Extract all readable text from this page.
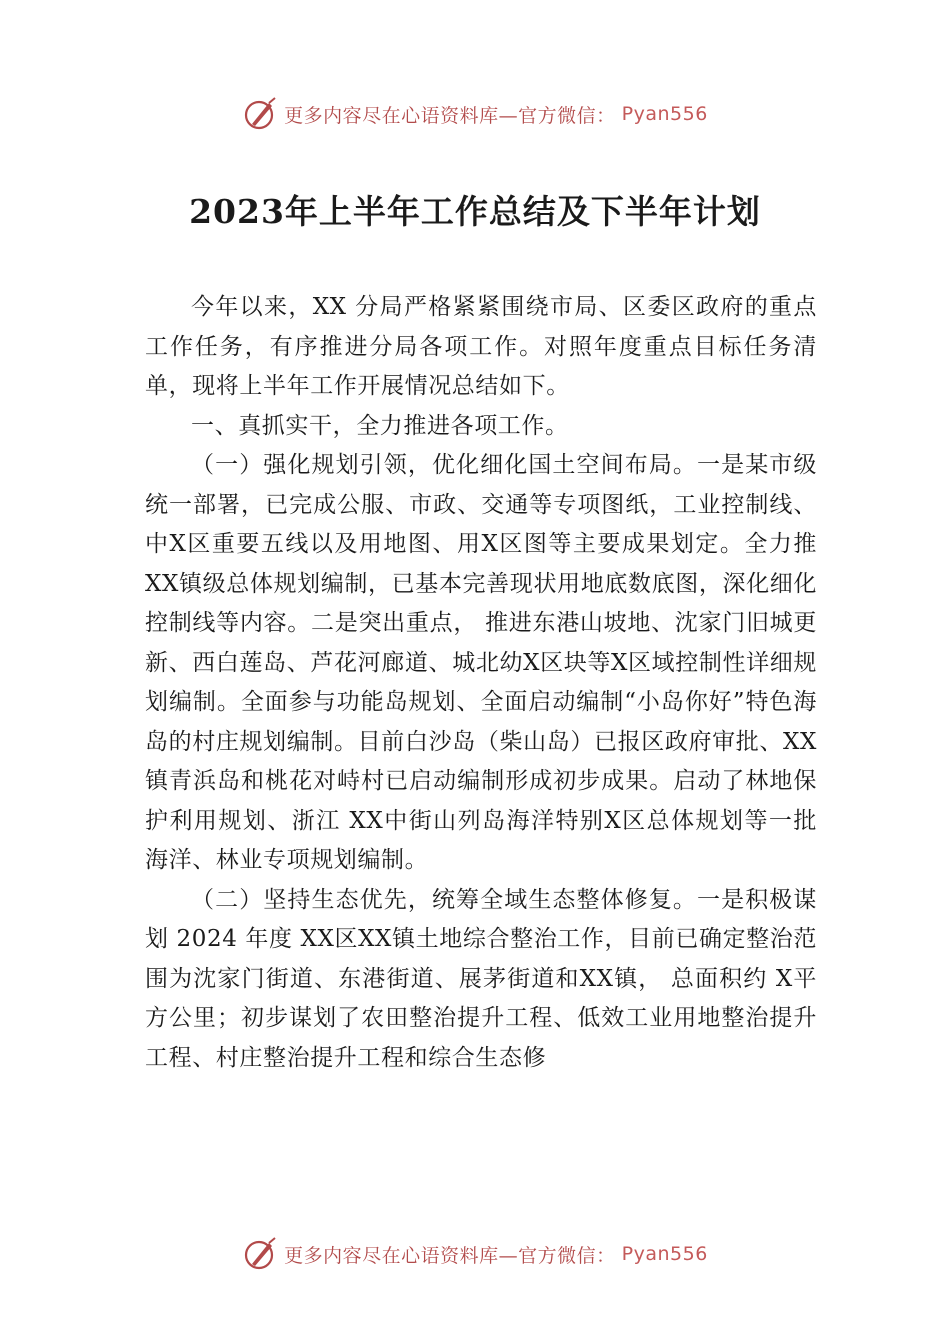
更多内容尽在心语资料库—官方微信： Pyan556
2023年上半年工作总结及下半年计划

今年以来，XX 分局严格紧紧围绕市局、区委区政府的重点工作任务，有序推进分局各项工作。对照年度重点目标任务清单，现将上半年工作开展情况总结如下。

一、真抓实干，全力推进各项工作。

（一）强化规划引领，优化细化国土空间布局。一是某市级统一部署，已完成公服、市政、交通等专项图纸，工业控制线、中X区重要五线以及用地图、用X区图等主要成果划定。全力推XX镇级总体规划编制，已基本完善现状用地底数底图，深化细化控制线等内容。二是突出重点， 推进东港山坡地、沈家门旧城更新、西白莲岛、芦花河廊道、城北幼X区块等X区域控制性详细规划编制。全面参与功能岛规划、全面启动编制“小岛你好”特色海岛的村庄规划编制。目前白沙岛（柴山岛）已报区政府审批、XX镇青浜岛和桃花对峙村已启动编制形成初步成果。启动了林地保护利用规划、浙江 XX中街山列岛海洋特别X区总体规划等一批海洋、林业专项规划编制。

（二）坚持生态优先，统筹全域生态整体修复。一是积极谋划 2024 年度 XX区XX镇土地综合整治工作，目前已确定整治范围为沈家门街道、东港街道、展茅街道和XX镇， 总面积约 X平方公里；初步谋划了农田整治提升工程、低效工业用地整治提升工程、村庄整治提升工程和综合生态修

更多内容尽在心语资料库—官方微信： Pyan556
